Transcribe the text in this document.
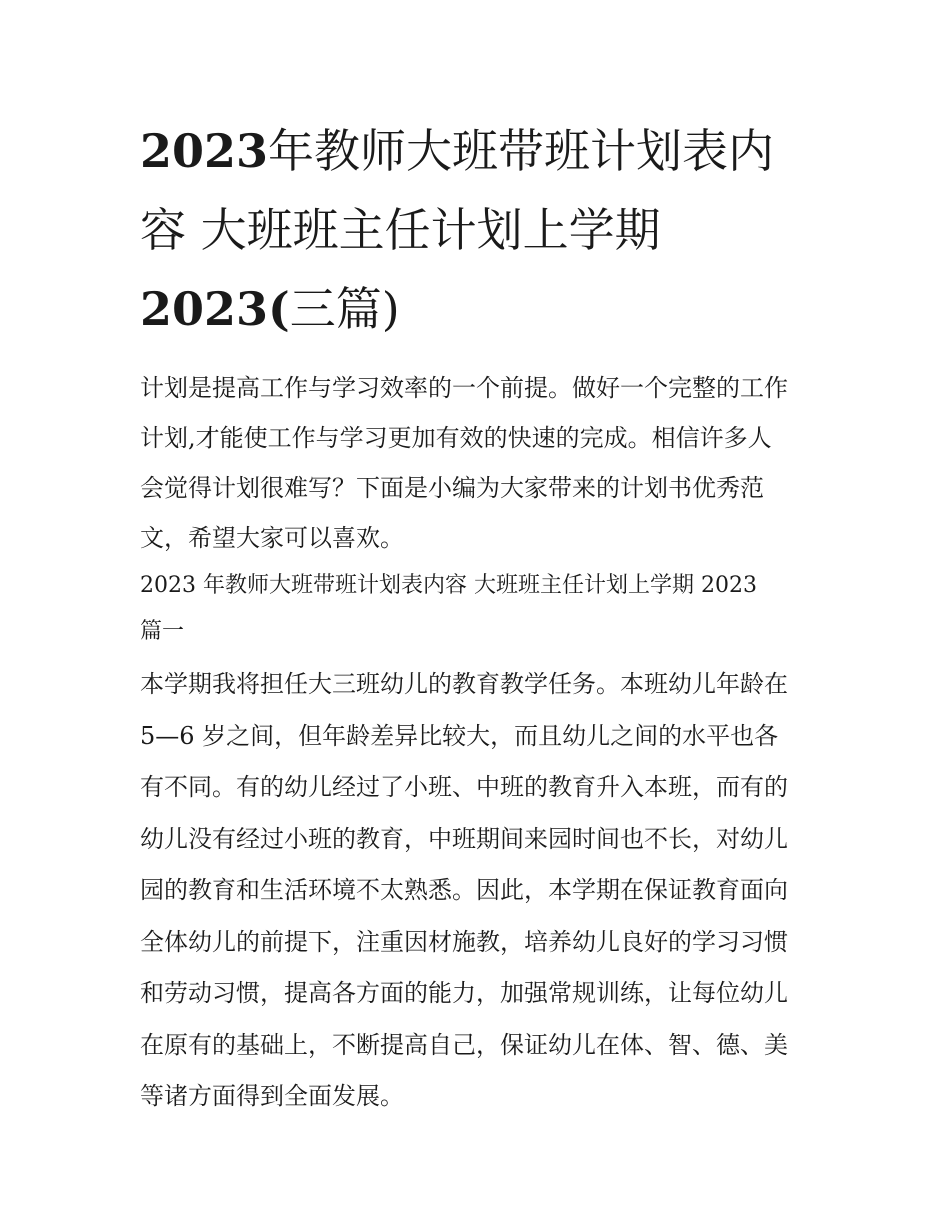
2023年教师大班带班计划表内
容 大班班主任计划上学期
2023(三篇)

计划是提高工作与学习效率的一个前提。做好一个完整的工作
计划,才能使工作与学习更加有效的快速的完成。相信许多人
会觉得计划很难写？下面是小编为大家带来的计划书优秀范
文，希望大家可以喜欢。

2023 年教师大班带班计划表内容 大班班主任计划上学期 2023
篇一

本学期我将担任大三班幼儿的教育教学任务。本班幼儿年龄在
5—6 岁之间，但年龄差异比较大，而且幼儿之间的水平也各
有不同。有的幼儿经过了小班、中班的教育升入本班，而有的
幼儿没有经过小班的教育，中班期间来园时间也不长，对幼儿
园的教育和生活环境不太熟悉。因此，本学期在保证教育面向
全体幼儿的前提下，注重因材施教，培养幼儿良好的学习习惯
和劳动习惯，提高各方面的能力，加强常规训练，让每位幼儿
在原有的基础上，不断提高自己，保证幼儿在体、智、德、美
等诸方面得到全面发展。
